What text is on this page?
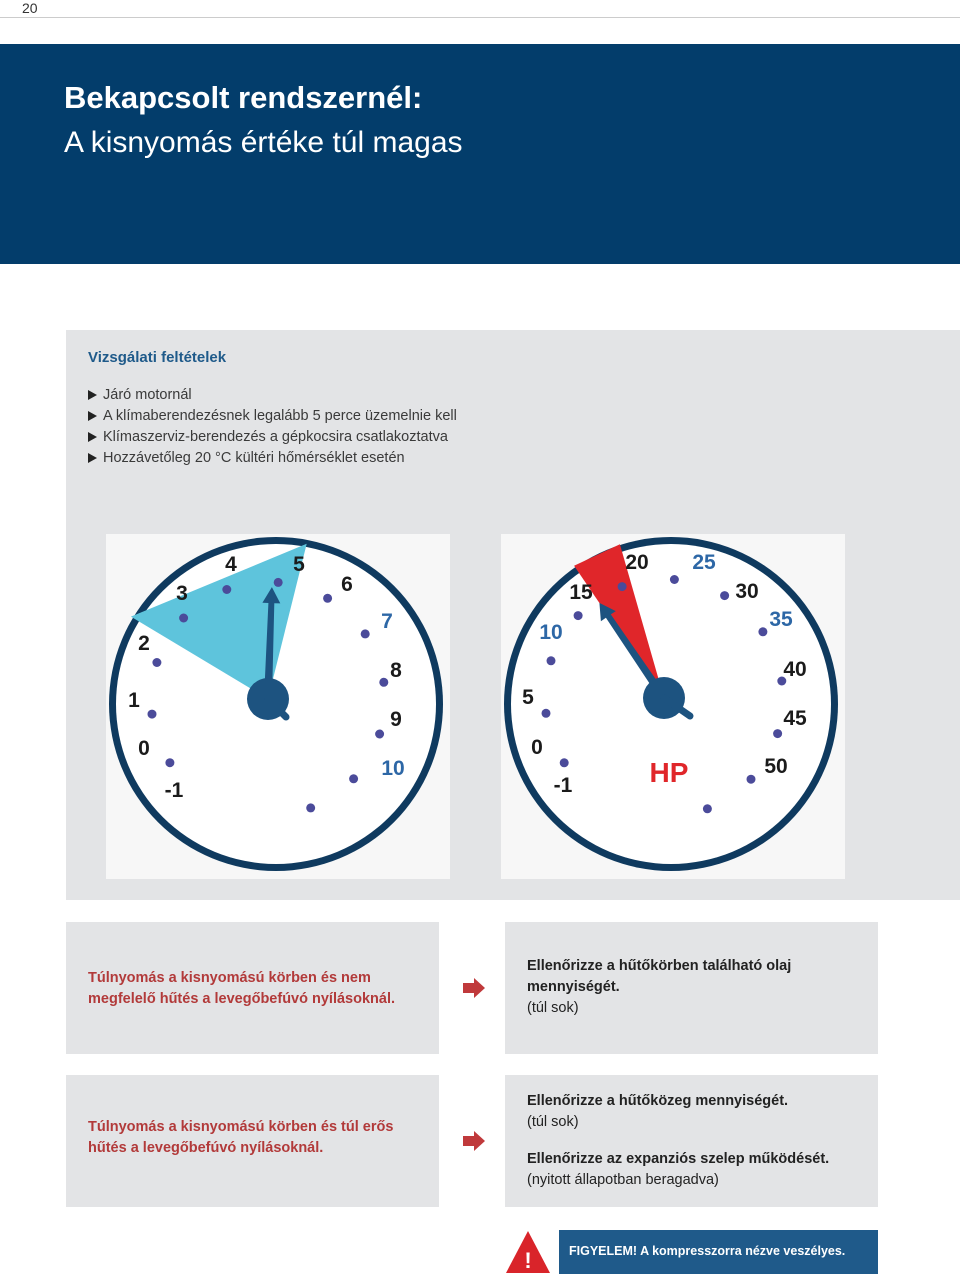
20
Bekapcsolt rendszernél:
A kisnyomás értéke túl magas
Vizsgálati feltételek
Járó motornál
A klímaberendezésnek legalább 5 perce üzemelnie kell
Klímaszerviz-berendezés a gépkocsira csatlakoztatva
Hozzávetőleg 20 °C kültéri hőmérséklet esetén
-1
0
1
2
3
4	5
6
7
8
9
10
-1
0
5
10
15
20 25
30
35
40
45
50
HP
Túlnyomás a kisnyomású körben és nem megfelelő hűtés a levegőbefúvó nyílásoknál.
Ellenőrizze a hűtőkörben található olaj mennyiségét.
(túl sok)
Túlnyomás a kisnyomású körben és túl erős hűtés a levegőbefúvó nyílásoknál.
Ellenőrizze a hűtőközeg mennyiségét.
(túl sok)
Ellenőrizze az expanziós szelep működését.
(nyitott állapotban beragadva)
!	FIGYELEM! A kompresszorra nézve veszélyes.
